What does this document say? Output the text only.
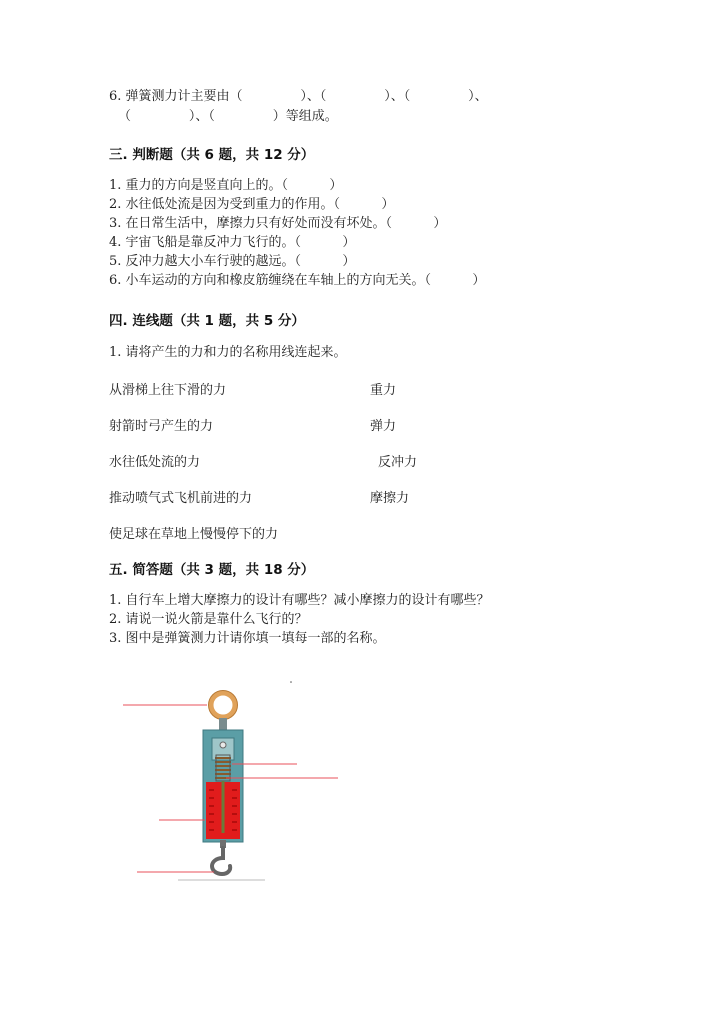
6. 弹簧测力计主要由（              ）、（              ）、（              ）、
（              ）、（              ）等组成。
三. 判断题（共 6 题，共 12 分）
1. 重力的方向是竖直向上的。（          ）
2. 水往低处流是因为受到重力的作用。（          ）
3. 在日常生活中，摩擦力只有好处而没有坏处。（          ）
4. 宇宙飞船是靠反冲力飞行的。（          ）
5. 反冲力越大小车行驶的越远。（          ）
6. 小车运动的方向和橡皮筋缠绕在车轴上的方向无关。（          ）
四. 连线题（共 1 题，共 5 分）
1. 请将产生的力和力的名称用线连起来。
从滑梯上往下滑的力
射箭时弓产生的力
水往低处流的力
推动喷气式飞机前进的力
使足球在草地上慢慢停下的力
重力
弹力
反冲力
摩擦力
五. 简答题（共 3 题，共 18 分）
1. 自行车上增大摩擦力的设计有哪些？减小摩擦力的设计有哪些？
2. 请说一说火箭是靠什么飞行的？
3. 图中是弹簧测力计请你填一填每一部的名称。
